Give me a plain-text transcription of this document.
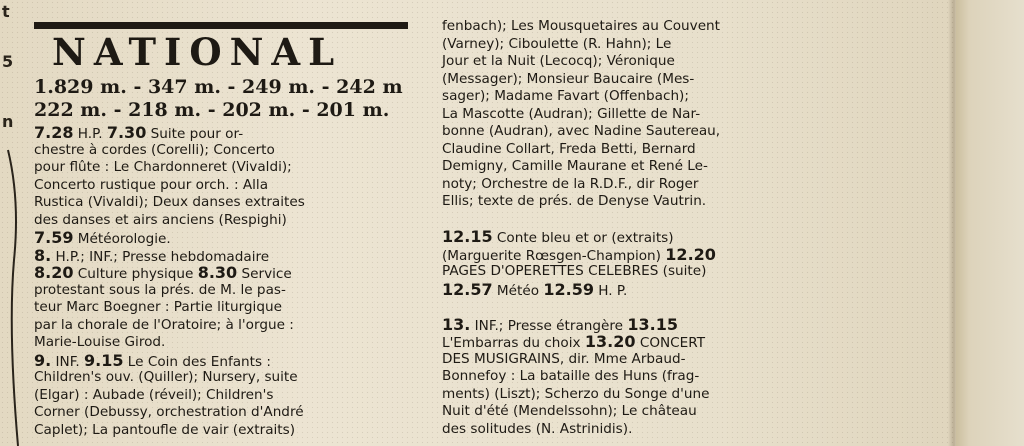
t
5
n
NATIONAL
1.829 m. - 347 m. - 249 m. - 242 m
222 m. - 218 m. - 202 m. - 201 m.
7.28 H.P. 7.30 Suite pour or-
chestre à cordes (Corelli); Concerto
pour flûte : Le Chardonneret (Vivaldi);
Concerto rustique pour orch. : Alla
Rustica (Vivaldi); Deux danses extraites
des danses et airs anciens (Respighi)
7.59 Météorologie.
8. H.P.; INF.; Presse hebdomadaire
8.20 Culture physique 8.30 Service
protestant sous la prés. de M. le pas-
teur Marc Boegner : Partie liturgique
par la chorale de l'Oratoire; à l'orgue :
Marie-Louise Girod.
9. INF. 9.15 Le Coin des Enfants :
Children's ouv. (Quiller); Nursery, suite
(Elgar) : Aubade (réveil); Children's
Corner (Debussy, orchestration d'André
Caplet); La pantoufle de vair (extraits)
fenbach); Les Mousquetaires au Couvent
(Varney); Ciboulette (R. Hahn); Le
Jour et la Nuit (Lecocq); Véronique
(Messager); Monsieur Baucaire (Mes-
sager); Madame Favart (Offenbach);
La Mascotte (Audran); Gillette de Nar-
bonne (Audran), avec Nadine Sautereau,
Claudine Collart, Freda Betti, Bernard
Demigny, Camille Maurane et René Le-
noty; Orchestre de la R.D.F., dir Roger
Ellis; texte de prés. de Denyse Vautrin.
12.15 Conte bleu et or (extraits)
(Marguerite Rœsgen-Champion) 12.20
PAGES D'OPERETTES CELEBRES (suite)
12.57 Météo 12.59 H. P.
13. INF.; Presse étrangère 13.15
L'Embarras du choix 13.20 CONCERT
DES MUSIGRAINS, dir. Mme Arbaud-
Bonnefoy : La bataille des Huns (frag-
ments) (Liszt); Scherzo du Songe d'une
Nuit d'été (Mendelssohn); Le château
des solitudes (N. Astrinidis).
